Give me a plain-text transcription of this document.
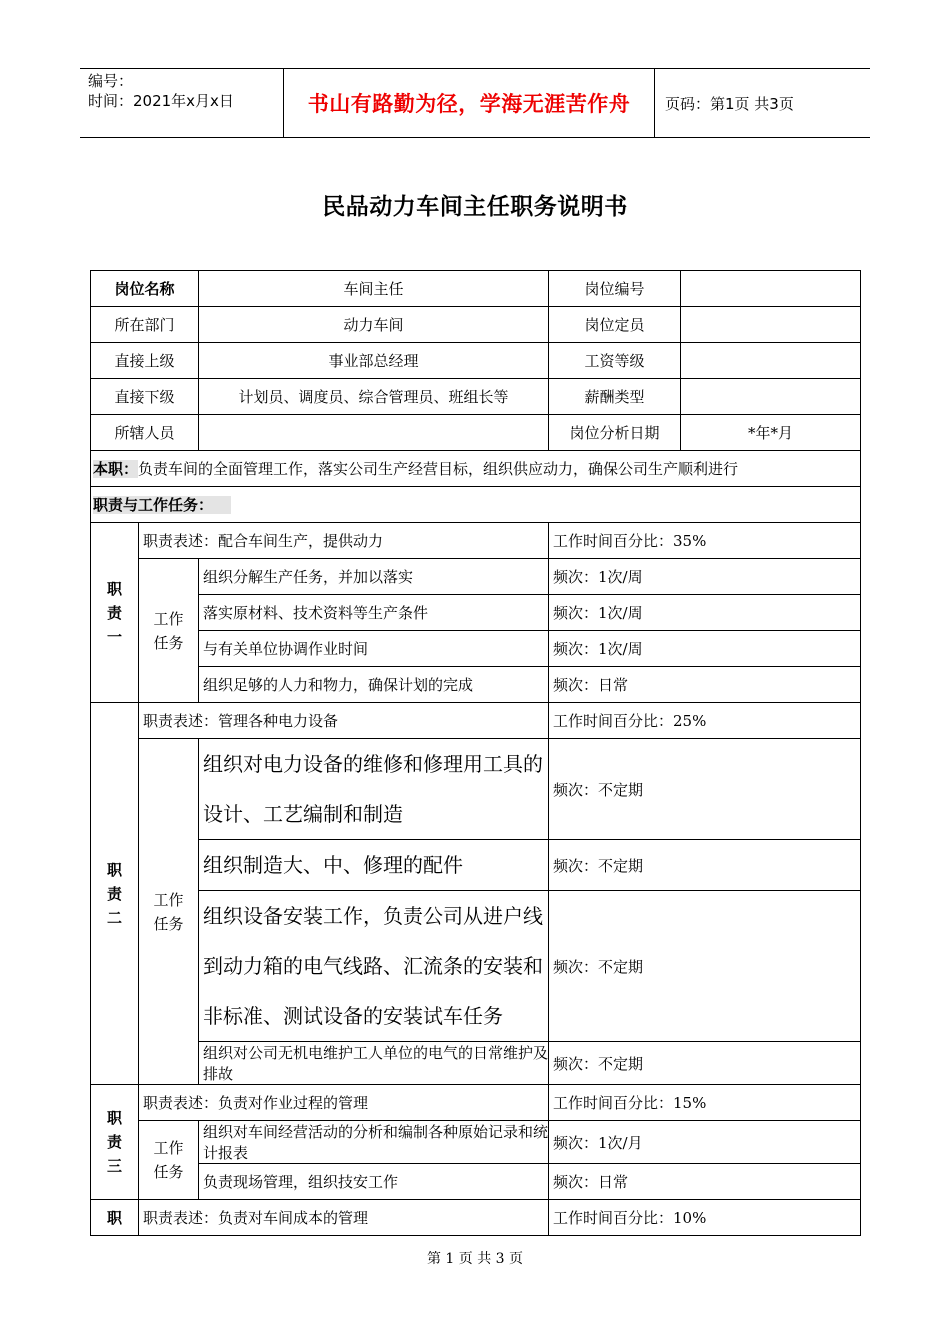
编号：
时间：2021年x月x日	书山有路勤为径，学海无涯苦作舟	页码：第1页 共3页
民品动力车间主任职务说明书
岗位名称		车间主任	岗位编号	
所在部门		动力车间	岗位定员	
直接上级		事业部总经理	工资等级	
直接下级		计划员、调度员、综合管理员、班组长等	薪酬类型	
所辖人员			岗位分析日期	*年*月
本职：负责车间的全面管理工作，落实公司生产经营目标，组织供应动力，确保公司生产顺利进行				
职责与工作任务：				
职
责
一	职责表述：配合车间生产，提供动力		工作时间百分比：35%	
	工作
任务	组织分解生产任务，并加以落实	频次：1次/周	
		落实原材料、技术资料等生产条件	频次：1次/周	
		与有关单位协调作业时间	频次：1次/周	
		组织足够的人力和物力，确保计划的完成	频次：日常	
职
责
二	职责表述：管理各种电力设备		工作时间百分比：25%	
	工作
任务	组织对电力设备的维修和修理用工具的设计、工艺编制和制造	频次：不定期	
		组织制造大、中、修理的配件	频次：不定期	
		组织设备安装工作，负责公司从进户线到动力箱的电气线路、汇流条的安装和非标准、测试设备的安装试车任务	频次：不定期	
		组织对公司无机电维护工人单位的电气的日常维护及排故	频次：不定期	
职
责
三	职责表述：负责对作业过程的管理		工作时间百分比：15%	
	工作
任务	组织对车间经营活动的分析和编制各种原始记录和统计报表	频次：1次/月	
		负责现场管理，组织技安工作	频次：日常	
职	职责表述：负责对车间成本的管理		工作时间百分比：10%	
第 1 页 共 3 页
